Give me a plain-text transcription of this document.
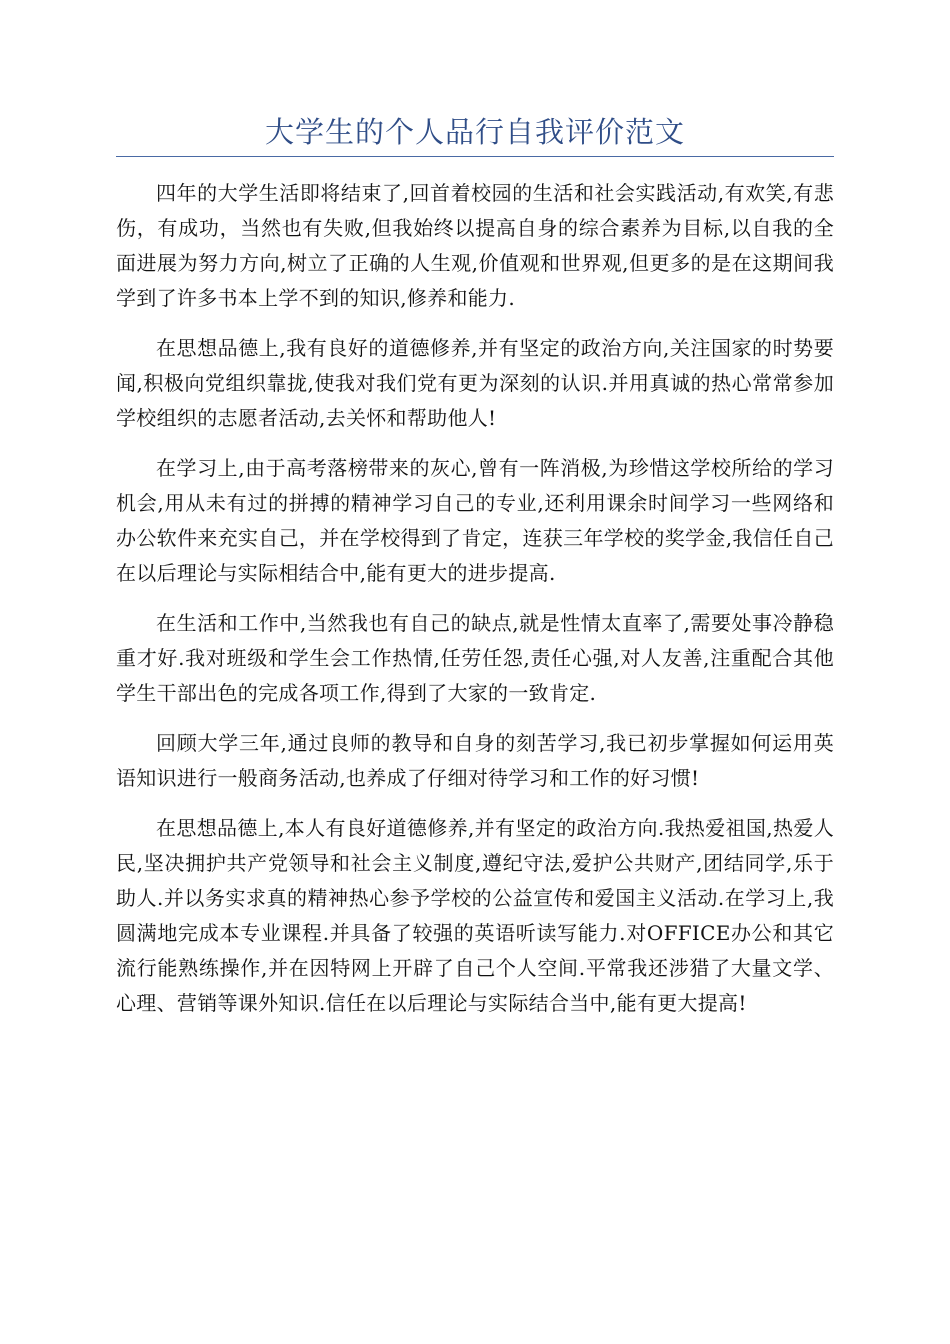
大学生的个人品行自我评价范文

四年的大学生活即将结束了,回首着校园的生活和社会实践活动,有欢笑,有悲伤，有成功，当然也有失败,但我始终以提高自身的综合素养为目标,以自我的全面进展为努力方向,树立了正确的人生观,价值观和世界观,但更多的是在这期间我学到了许多书本上学不到的知识,修养和能力.

在思想品德上,我有良好的道德修养,并有坚定的政治方向,关注国家的时势要闻,积极向党组织靠拢,使我对我们党有更为深刻的认识.并用真诚的热心常常参加学校组织的志愿者活动,去关怀和帮助他人!

在学习上,由于高考落榜带来的灰心,曾有一阵消极,为珍惜这学校所给的学习机会,用从未有过的拼搏的精神学习自己的专业,还利用课余时间学习一些网络和办公软件来充实自己，并在学校得到了肯定，连获三年学校的奖学金,我信任自己在以后理论与实际相结合中,能有更大的进步提高.

在生活和工作中,当然我也有自己的缺点,就是性情太直率了,需要处事冷静稳重才好.我对班级和学生会工作热情,任劳任怨,责任心强,对人友善,注重配合其他学生干部出色的完成各项工作,得到了大家的一致肯定.

回顾大学三年,通过良师的教导和自身的刻苦学习,我已初步掌握如何运用英语知识进行一般商务活动,也养成了仔细对待学习和工作的好习惯!

在思想品德上,本人有良好道德修养,并有坚定的政治方向.我热爱祖国,热爱人民,坚决拥护共产党领导和社会主义制度,遵纪守法,爱护公共财产,团结同学,乐于助人.并以务实求真的精神热心参予学校的公益宣传和爱国主义活动.在学习上,我圆满地完成本专业课程.并具备了较强的英语听读写能力.对OFFICE办公和其它流行能熟练操作,并在因特网上开辟了自己个人空间.平常我还涉猎了大量文学、心理、营销等课外知识.信任在以后理论与实际结合当中,能有更大提高!
